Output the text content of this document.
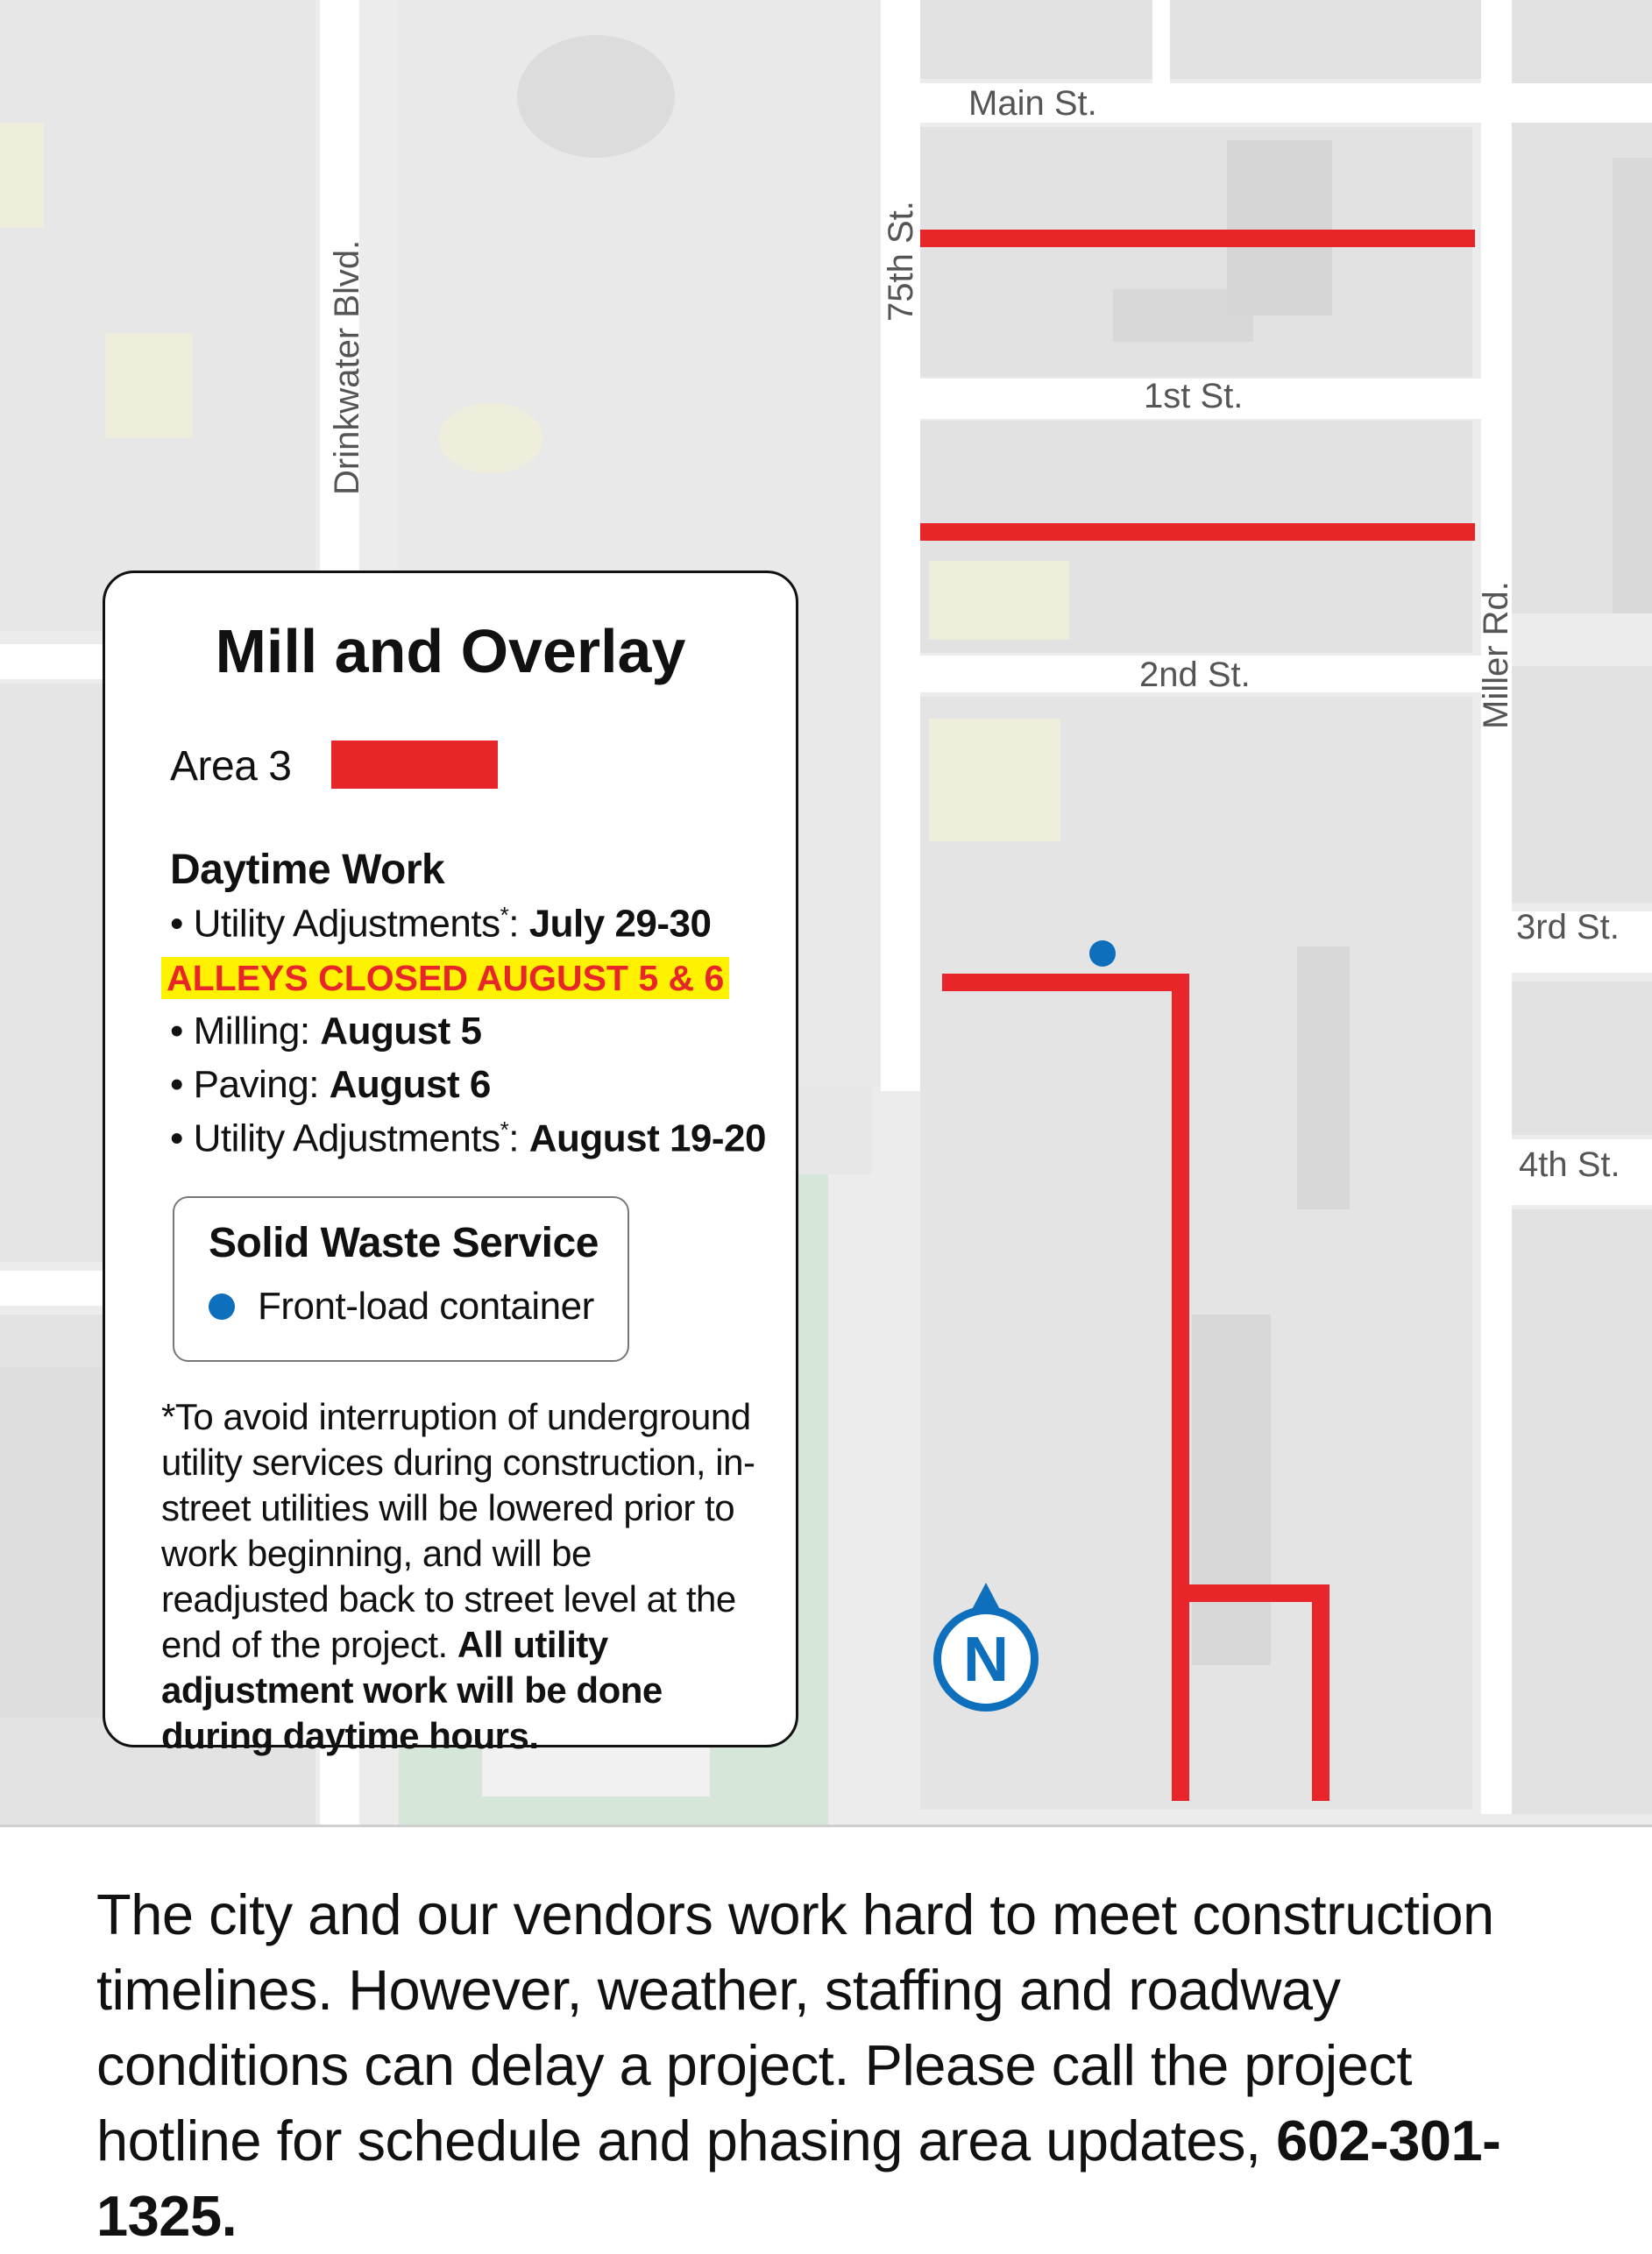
Main St.
1st St.
2nd St.
3rd St.
4th St.
Drinkwater Blvd.	75th St.
Miller Rd.
N
Mill and Overlay
Area 3
Daytime Work
• Utility Adjustments*: July 29-30
ALLEYS CLOSED AUGUST 5 & 6
• Milling: August 5
• Paving: August 6
• Utility Adjustments*: August 19-20
Solid Waste Service
Front-load container
*To avoid interruption of underground utility services during construction, in-street utilities will be lowered prior to work beginning, and will be readjusted back to street level at the end of the project. All utility adjustment work will be done during daytime hours.
The city and our vendors work hard to meet construction timelines. However, weather, staffing and roadway conditions can delay a project. Please call the project hotline for schedule and phasing area updates, 602-301-1325.
